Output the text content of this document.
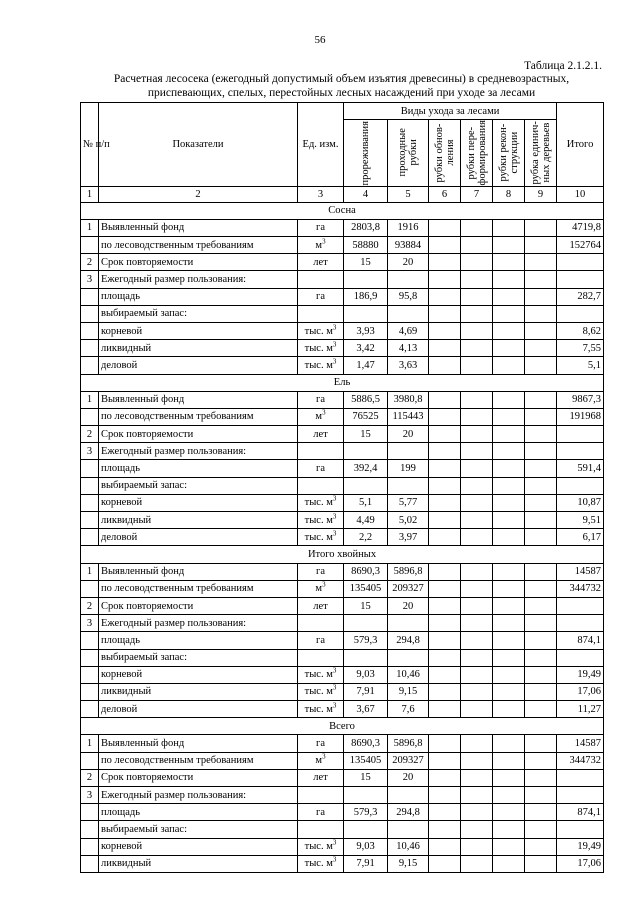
56
Таблица 2.1.2.1.
Расчетная лесосека (ежегодный допустимый объем изъятия древесины) в средневозрастных,
приспевающих, спелых, перестойных лесных насаждений при уходе за лесами
№ п/п	Показатели	Ед. изм.	Виды ухода за лесами						Итого

			прореживания	проходные рубки	рубки обнов-ления	рубки пере-формирования	рубки рекон-струкции	рубка единич-ных деревьев	

1	2	3	4	5	6	7	8	9	10
Сосна									
1	Выявленный фонд	га	2803,8	1916					4719,8
	по лесоводственным требованиям	$м^3$	58880	93884					152764
2	Срок повторяемости	лет	15	20					
3	Ежегодный размер пользования:								
	площадь	га	186,9	95,8					282,7
	выбираемый запас:								
	корневой	тыс. $м^3$	3,93	4,69					8,62
	ликвидный	тыс. $м^3$	3,42	4,13					7,55
	деловой	тыс. $м^3$	1,47	3,63					5,1
Ель									
1	Выявленный фонд	га	5886,5	3980,8					9867,3
	по лесоводственным требованиям	$м^3$	76525	115443					191968
2	Срок повторяемости	лет	15	20					
3	Ежегодный размер пользования:								
	площадь	га	392,4	199					591,4
	выбираемый запас:								
	корневой	тыс. $м^3$	5,1	5,77					10,87
	ликвидный	тыс. $м^3$	4,49	5,02					9,51
	деловой	тыс. $м^3$	2,2	3,97					6,17
Итого хвойных									
1	Выявленный фонд	га	8690,3	5896,8					14587
	по лесоводственным требованиям	$м^3$	135405	209327					344732
2	Срок повторяемости	лет	15	20					
3	Ежегодный размер пользования:								
	площадь	га	579,3	294,8					874,1
	выбираемый запас:								
	корневой	тыс. $м^3$	9,03	10,46					19,49
	ликвидный	тыс. $м^3$	7,91	9,15					17,06
	деловой	тыс. $м^3$	3,67	7,6					11,27
Всего									
1	Выявленный фонд	га	8690,3	5896,8					14587
	по лесоводственным требованиям	$м^3$	135405	209327					344732
2	Срок повторяемости	лет	15	20					
3	Ежегодный размер пользования:								
	площадь	га	579,3	294,8					874,1
	выбираемый запас:								
	корневой	тыс. $м^3$	9,03	10,46					19,49
	ликвидный	тыс. $м^3$	7,91	9,15					17,06
